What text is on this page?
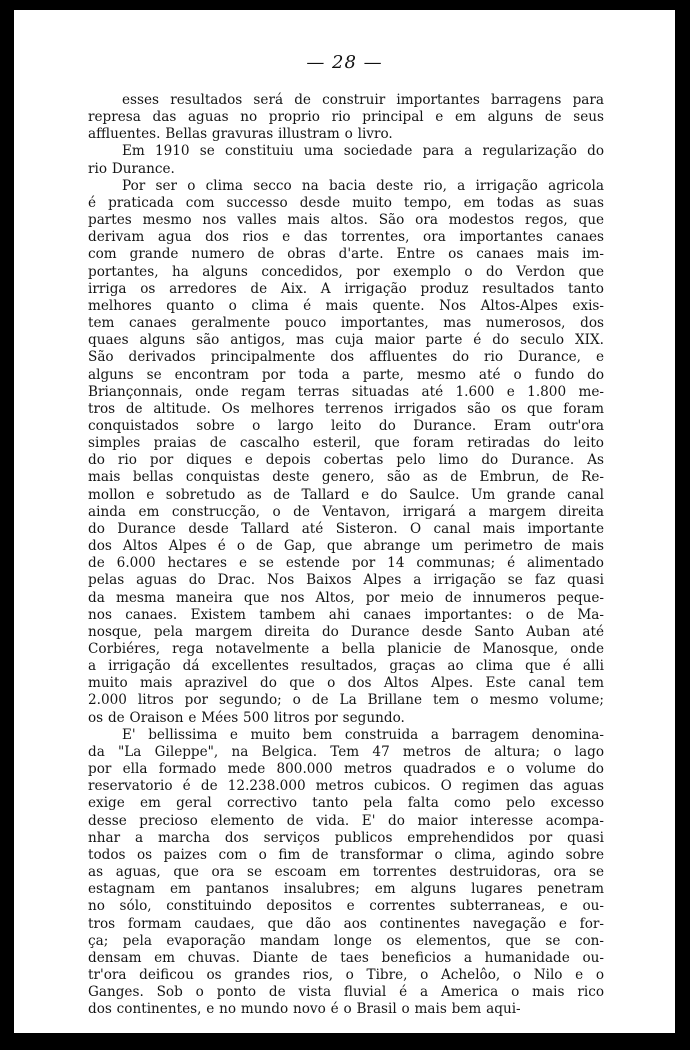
— 28 —
esses resultados será de construir importantes barragens para
represa das aguas no proprio rio principal e em alguns de seus
affluentes. Bellas gravuras illustram o livro.
Em 1910 se constituiu uma sociedade para a regularização do
rio Durance.
Por ser o clima secco na bacia deste rio, a irrigação agricola
é praticada com successo desde muito tempo, em todas as suas
partes mesmo nos valles mais altos. São ora modestos regos, que
derivam agua dos rios e das torrentes, ora importantes canaes
com grande numero de obras d'arte. Entre os canaes mais im-
portantes, ha alguns concedidos, por exemplo o do Verdon que
irriga os arredores de Aix. A irrigação produz resultados tanto
melhores quanto o clima é mais quente. Nos Altos-Alpes exis-
tem canaes geralmente pouco importantes, mas numerosos, dos
quaes alguns são antigos, mas cuja maior parte é do seculo XIX.
São derivados principalmente dos affluentes do rio Durance, e
alguns se encontram por toda a parte, mesmo até o fundo do
Briançonnais, onde regam terras situadas até 1.600 e 1.800 me-
tros de altitude. Os melhores terrenos irrigados são os que foram
conquistados sobre o largo leito do Durance. Eram outr'ora
simples praias de cascalho esteril, que foram retiradas do leito
do rio por diques e depois cobertas pelo limo do Durance. As
mais bellas conquistas deste genero, são as de Embrun, de Re-
mollon e sobretudo as de Tallard e do Saulce. Um grande canal
ainda em construcção, o de Ventavon, irrigará a margem direita
do Durance desde Tallard até Sisteron. O canal mais importante
dos Altos Alpes é o de Gap, que abrange um perimetro de mais
de 6.000 hectares e se estende por 14 communas; é alimentado
pelas aguas do Drac. Nos Baixos Alpes a irrigação se faz quasi
da mesma maneira que nos Altos, por meio de innumeros peque-
nos canaes. Existem tambem ahi canaes importantes: o de Ma-
nosque, pela margem direita do Durance desde Santo Auban até
Corbiéres, rega notavelmente a bella planicie de Manosque, onde
a irrigação dá excellentes resultados, graças ao clima que é alli
muito mais aprazivel do que o dos Altos Alpes. Este canal tem
2.000 litros por segundo; o de La Brillane tem o mesmo volume;
os de Oraison e Mées 500 litros por segundo.
E' bellissima e muito bem construida a barragem denomina-
da "La Gileppe", na Belgica. Tem 47 metros de altura; o lago
por ella formado mede 800.000 metros quadrados e o volume do
reservatorio é de 12.238.000 metros cubicos. O regimen das aguas
exige em geral correctivo tanto pela falta como pelo excesso
desse precioso elemento de vida. E' do maior interesse acompa-
nhar a marcha dos serviços publicos emprehendidos por quasi
todos os paizes com o fim de transformar o clima, agindo sobre
as aguas, que ora se escoam em torrentes destruidoras, ora se
estagnam em pantanos insalubres; em alguns lugares penetram
no sólo, constituindo depositos e correntes subterraneas, e ou-
tros formam caudaes, que dão aos continentes navegação e for-
ça; pela evaporação mandam longe os elementos, que se con-
densam em chuvas. Diante de taes beneficios a humanidade ou-
tr'ora deificou os grandes rios, o Tibre, o Achelôo, o Nilo e o
Ganges. Sob o ponto de vista fluvial é a America o mais rico
dos continentes, e no mundo novo é o Brasil o mais bem aqui-
